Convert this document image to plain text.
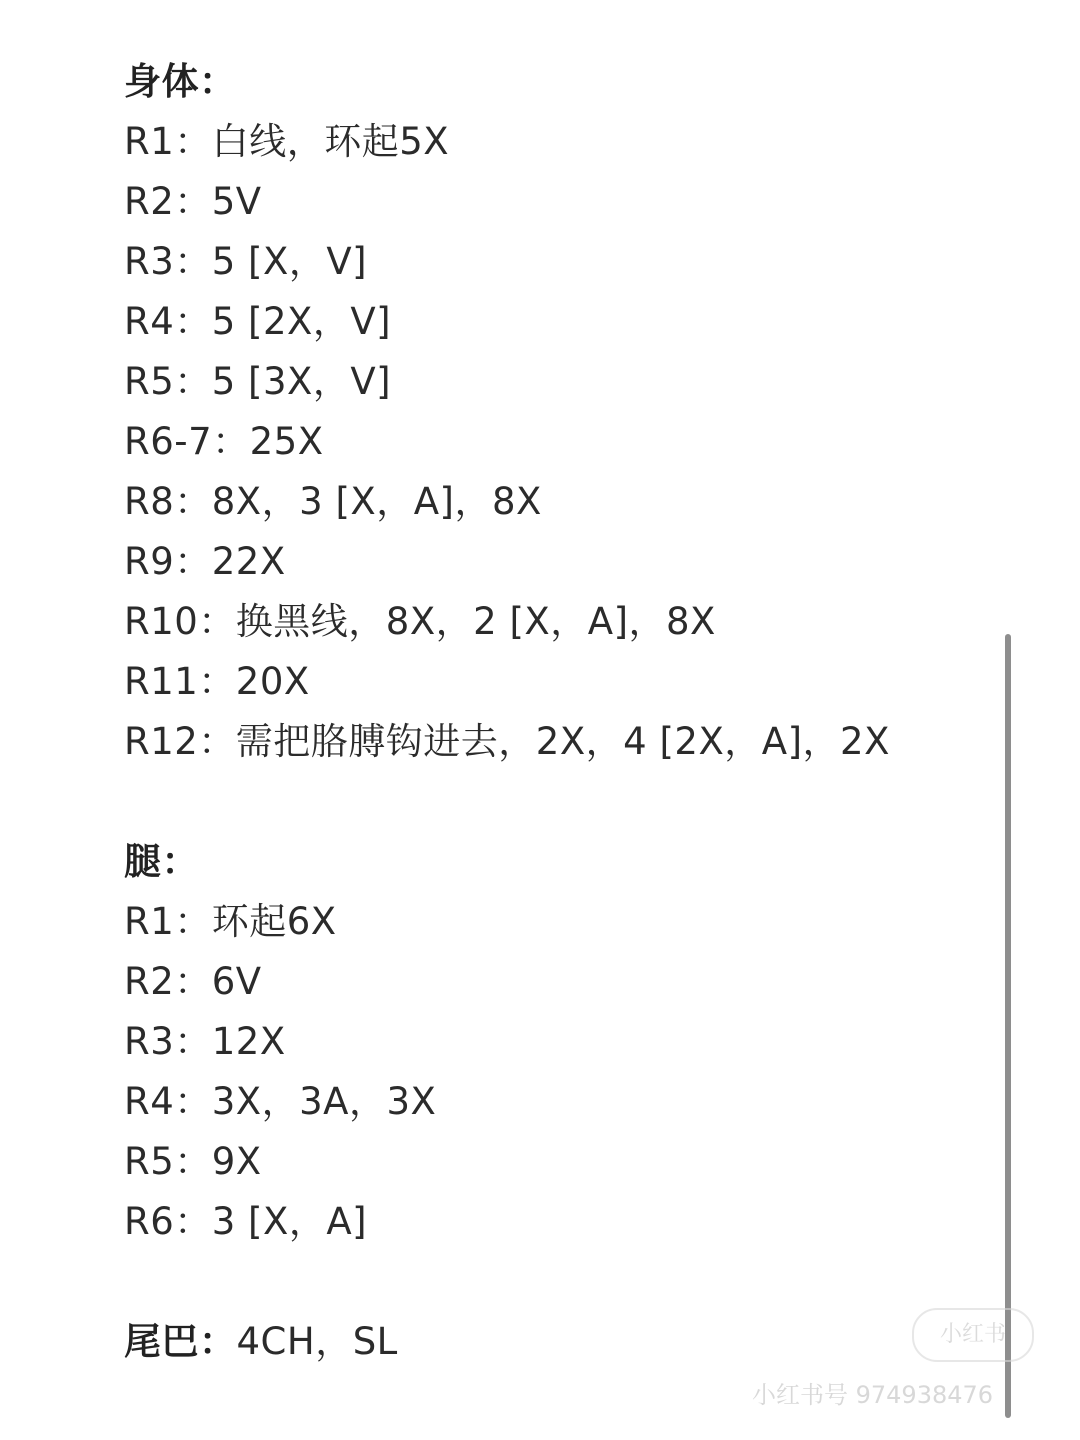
身体：
R1：白线，环起5X
R2：5V
R3：5 [X，V]
R4：5 [2X，V]
R5：5 [3X，V]
R6-7：25X
R8：8X，3 [X，A]，8X
R9：22X
R10：换黑线，8X，2 [X，A]，8X
R11：20X
R12：需把胳膊钩进去，2X，4 [2X，A]，2X
腿：
R1：环起6X
R2：6V
R3：12X
R4：3X，3A，3X
R5：9X
R6：3 [X，A]
尾巴：4CH，SL	小红书
小红书号 974938476
